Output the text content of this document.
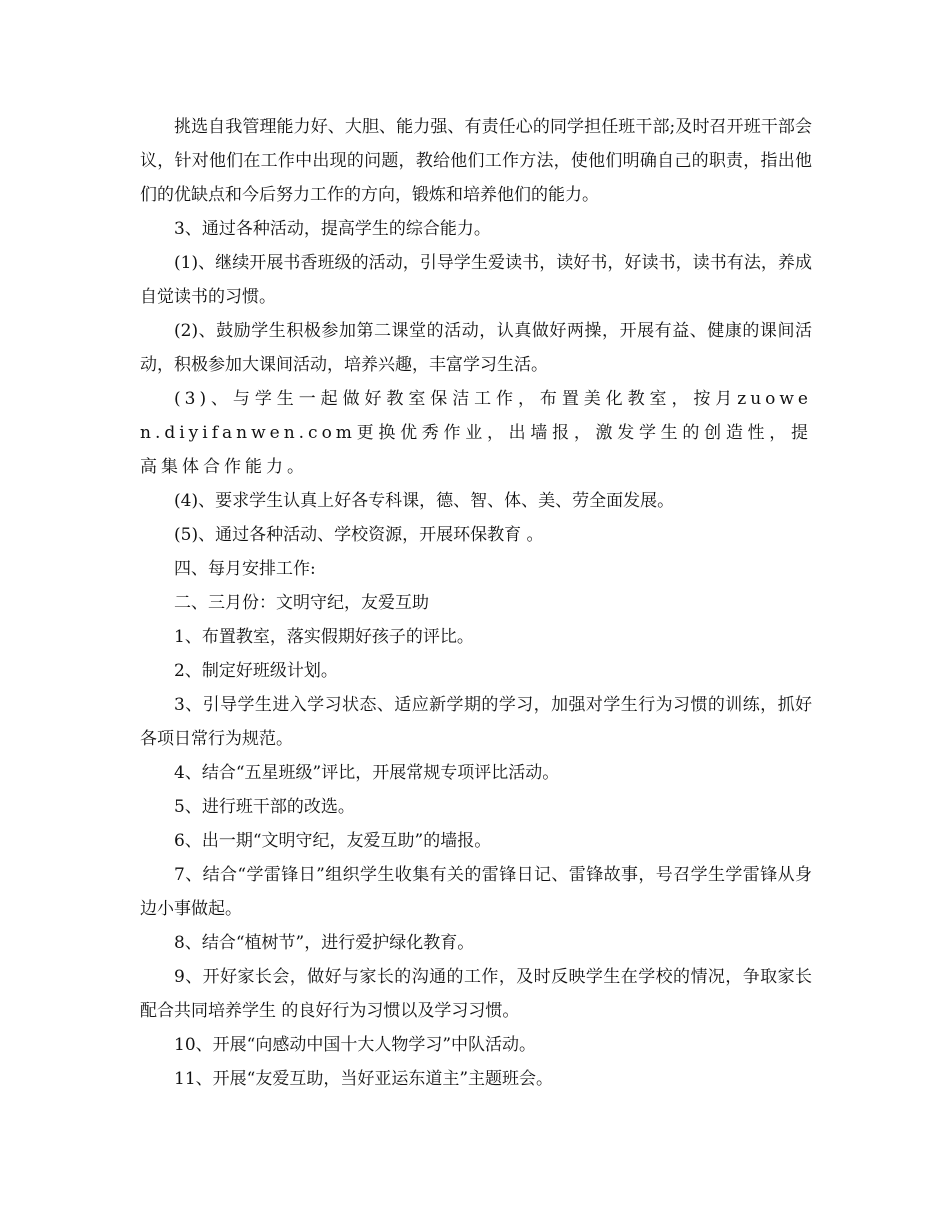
挑选自我管理能力好、大胆、能力强、有责任心的同学担任班干部;及时召开班干部会议，针对他们在工作中出现的问题，教给他们工作方法，使他们明确自己的职责，指出他们的优缺点和今后努力工作的方向，锻炼和培养他们的能力。

3、通过各种活动，提高学生的综合能力。

(1)、继续开展书香班级的活动，引导学生爱读书，读好书，好读书，读书有法，养成自觉读书的习惯。

(2)、鼓励学生积极参加第二课堂的活动，认真做好两操，开展有益、健康的课间活动，积极参加大课间活动，培养兴趣，丰富学习生活。

(3)、与学生一起做好教室保洁工作，布置美化教室，按月zuowen.diyifanwen.com更换优秀作业，出墙报，激发学生的创造性，提高集体合作能力。

(4)、要求学生认真上好各专科课，德、智、体、美、劳全面发展。

(5)、通过各种活动、学校资源，开展环保教育 。

四、每月安排工作:

二、三月份：文明守纪，友爱互助

1、布置教室，落实假期好孩子的评比。

2、制定好班级计划。

3、引导学生进入学习状态、适应新学期的学习，加强对学生行为习惯的训练，抓好各项日常行为规范。

4、结合“五星班级”评比，开展常规专项评比活动。

5、进行班干部的改选。

6、出一期“文明守纪，友爱互助”的墙报。

7、结合“学雷锋日”组织学生收集有关的雷锋日记、雷锋故事，号召学生学雷锋从身边小事做起。

8、结合“植树节”，进行爱护绿化教育。

9、开好家长会，做好与家长的沟通的工作，及时反映学生在学校的情况，争取家长配合共同培养学生 的良好行为习惯以及学习习惯。

10、开展“向感动中国十大人物学习”中队活动。

11、开展“友爱互助，当好亚运东道主”主题班会。
